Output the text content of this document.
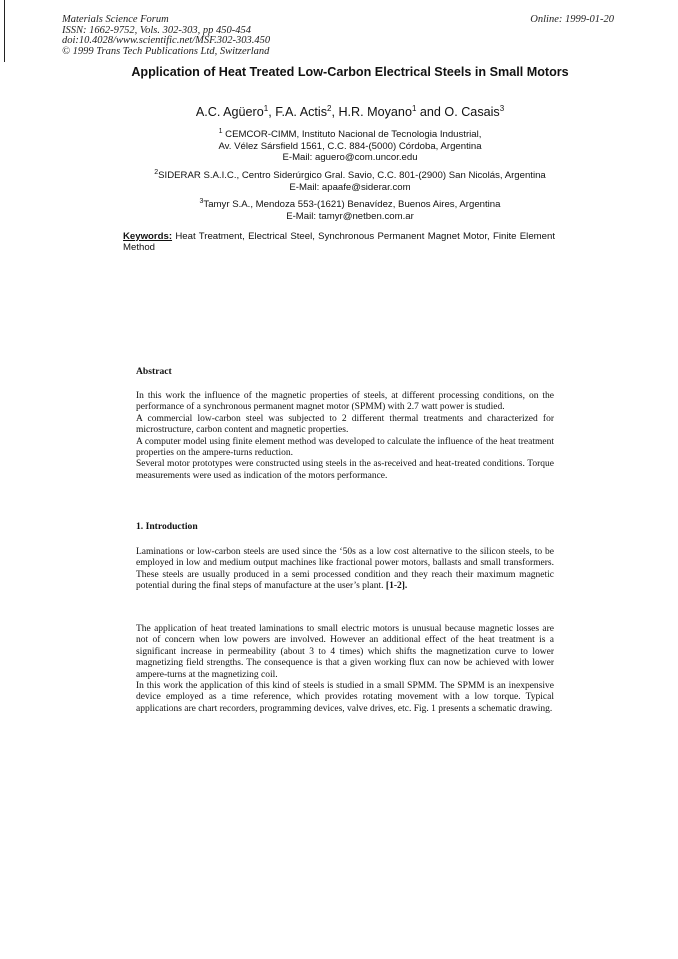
Materials Science Forum
ISSN: 1662-9752, Vols. 302-303, pp 450-454
doi:10.4028/www.scientific.net/MSF.302-303.450
© 1999 Trans Tech Publications Ltd, Switzerland
Online: 1999-01-20
Application of Heat Treated Low-Carbon Electrical Steels in Small Motors
A.C. Agüero$^1$, F.A. Actis$^2$, H.R. Moyano$^1$ and O. Casais$^3$
$^1$ CEMCOR-CIMM, Instituto Nacional de Tecnologia Industrial,
Av. Vélez Sársfield 1561, C.C. 884-(5000) Córdoba, Argentina
E-Mail: aguero@com.uncor.edu
$^2$SIDERAR S.A.I.C., Centro Siderúrgico Gral. Savio, C.C. 801-(2900) San Nicolás, Argentina
E-Mail: apaafe@siderar.com
$^3$Tamyr S.A., Mendoza 553-(1621) Benavídez, Buenos Aires, Argentina
E-Mail: tamyr@netben.com.ar
Keywords: Heat Treatment, Electrical Steel, Synchronous Permanent Magnet Motor, Finite Element Method
Abstract

In this work the influence of the magnetic properties of steels, at different processing conditions, on the performance of a synchronous permanent magnet motor (SPMM) with 2.7 watt power is studied.

A commercial low-carbon steel was subjected to 2 different thermal treatments and characterized for microstructure, carbon content and magnetic properties.

A computer model using finite element method was developed to calculate the influence of the heat treatment properties on the ampere-turns reduction.

Several motor prototypes were constructed using steels in the as-received and heat-treated conditions. Torque measurements were used as indication of the motors performance.

1. Introduction

Laminations or low-carbon steels are used since the ‘50s as a low cost alternative to the silicon steels, to be employed in low and medium output machines like fractional power motors, ballasts and small transformers. These steels are usually produced in a semi processed condition and they reach their maximum magnetic potential during the final steps of manufacture at the user’s plant. [1-2].

The application of heat treated laminations to small electric motors is unusual because magnetic losses are not of concern when low powers are involved. However an additional effect of the heat treatment is a significant increase in permeability (about 3 to 4 times) which shifts the magnetization curve to lower magnetizing field strengths. The consequence is that a given working flux can now be achieved with lower ampere-turns at the magnetizing coil.

In this work the application of this kind of steels is studied in a small SPMM. The SPMM is an inexpensive device employed as a time reference, which provides rotating movement with a low torque. Typical applications are chart recorders, programming devices, valve drives, etc. Fig. 1 presents a schematic drawing.
